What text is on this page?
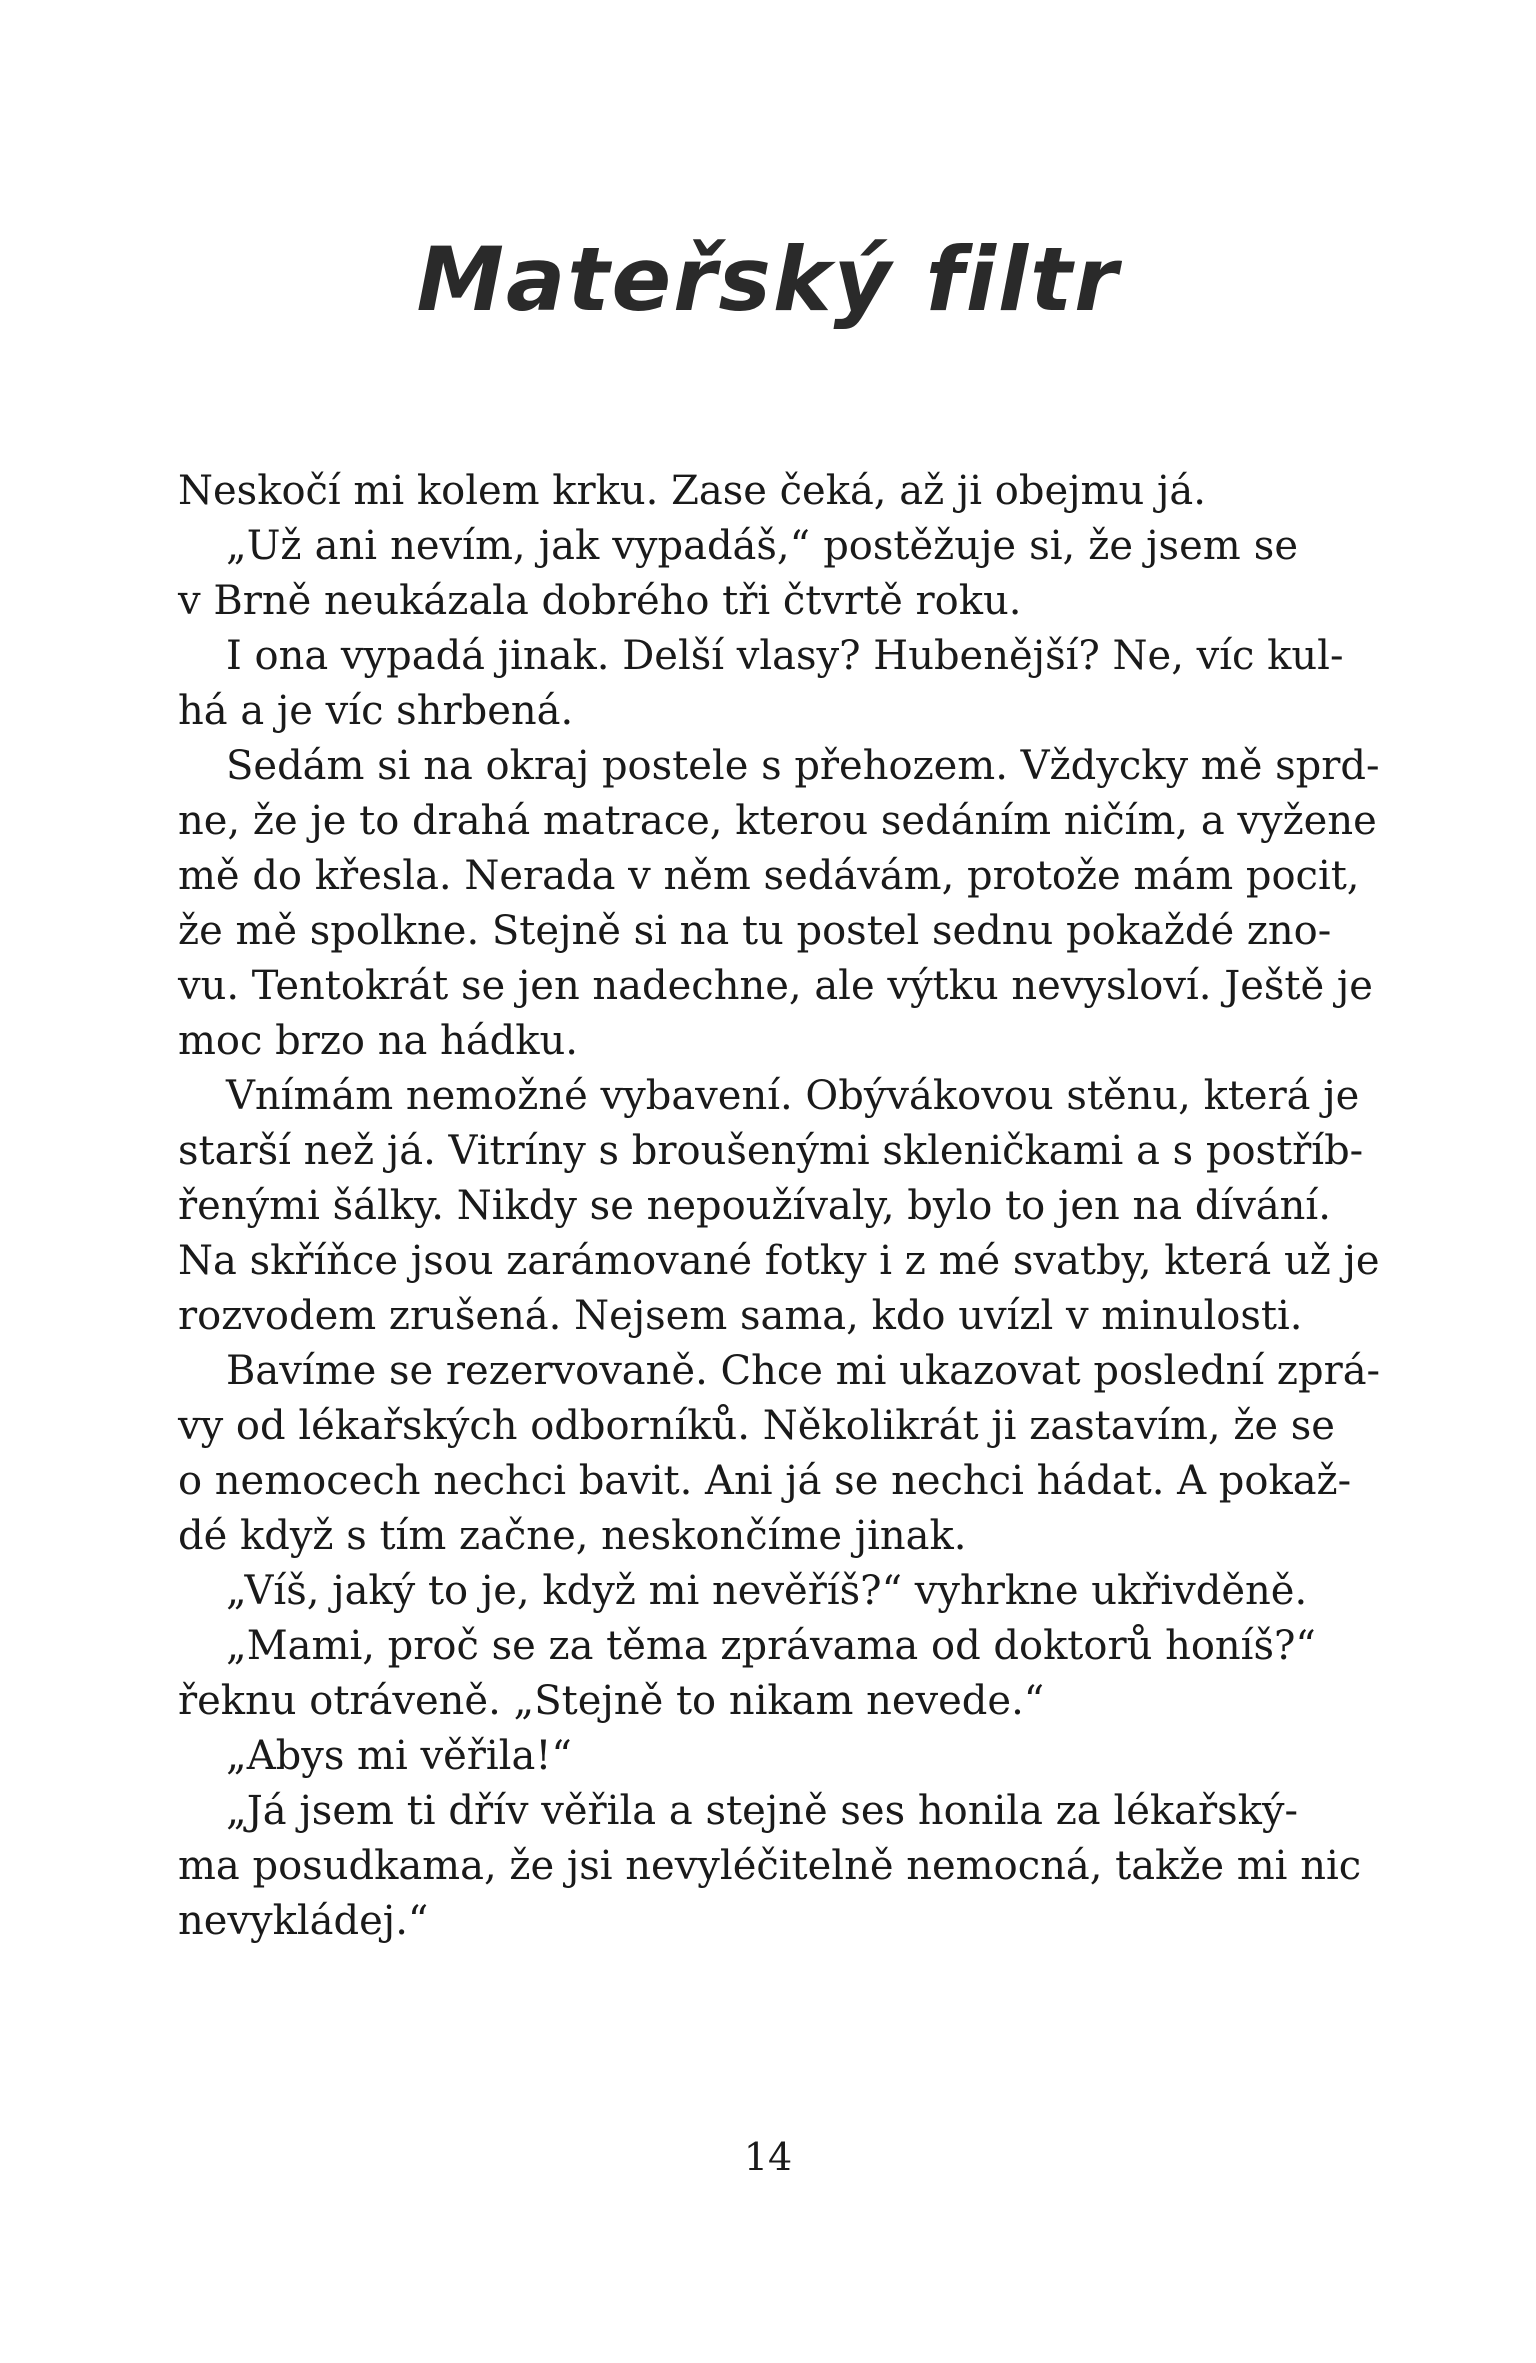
Mateřský filtr
Neskočí mi kolem krku. Zase čeká, až ji obejmu já.
„Už ani nevím, jak vypadáš,“ postěžuje si, že jsem se
v Brně neukázala dobrého tři čtvrtě roku.
I ona vypadá jinak. Delší vlasy? Hubenější? Ne, víc kul-
há a je víc shrbená.
Sedám si na okraj postele s přehozem. Vždycky mě sprd-
ne, že je to drahá matrace, kterou sedáním ničím, a vyžene
mě do křesla. Nerada v něm sedávám, protože mám pocit,
že mě spolkne. Stejně si na tu postel sednu pokaždé zno-
vu. Tentokrát se jen nadechne, ale výtku nevysloví. Ještě je
moc brzo na hádku.
Vnímám nemožné vybavení. Obývákovou stěnu, která je
starší než já. Vitríny s broušenými skleničkami a s postříb-
řenými šálky. Nikdy se nepoužívaly, bylo to jen na dívání.
Na skříňce jsou zarámované fotky i z mé svatby, která už je
rozvodem zrušená. Nejsem sama, kdo uvízl v minulosti.
Bavíme se rezervovaně. Chce mi ukazovat poslední zprá-
vy od lékařských odborníků. Několikrát ji zastavím, že se
o nemocech nechci bavit. Ani já se nechci hádat. A pokaž-
dé když s tím začne, neskončíme jinak.
„Víš, jaký to je, když mi nevěříš?“ vyhrkne ukřivděně.
„Mami, proč se za těma zprávama od doktorů honíš?“
řeknu otráveně. „Stejně to nikam nevede.“
„Abys mi věřila!“
„Já jsem ti dřív věřila a stejně ses honila za lékařský-
ma posudkama, že jsi nevyléčitelně nemocná, takže mi nic
nevykládej.“
14
